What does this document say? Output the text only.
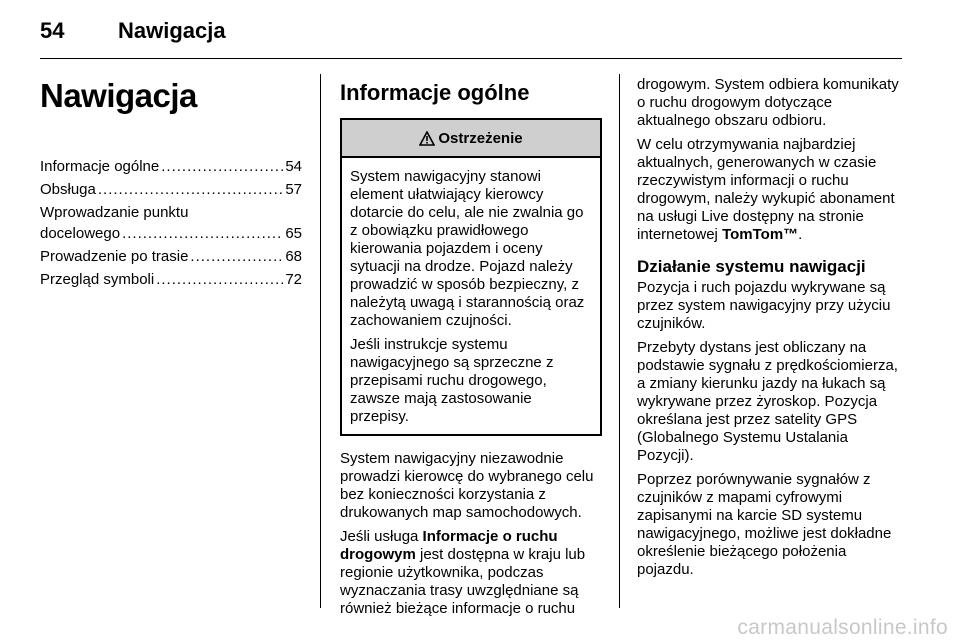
54 Nawigacja
Nawigacja
Informacje ogólne .....	54
Obsługa .....	57
Wprowadzanie punktu
docelowego .....	65
Prowadzenie po trasie .....	68
Przegląd symboli .....	72
Informacje ogólne
Ostrzeżenie

System nawigacyjny stanowi element ułatwiający kierowcy dotarcie do celu, ale nie zwalnia go z obowiązku prawidłowego kierowania pojazdem i oceny sytuacji na drodze. Pojazd należy prowadzić w sposób bezpieczny, z należytą uwagą i starannością oraz zachowaniem czujności.

Jeśli instrukcje systemu nawigacyjnego są sprzeczne z przepisami ruchu drogowego, zawsze mają zastosowanie przepisy.

System nawigacyjny niezawodnie prowadzi kierowcę do wybranego celu bez konieczności korzystania z drukowanych map samochodowych.

Jeśli usługa Informacje o ruchu drogowym jest dostępna w kraju lub regionie użytkownika, podczas wyznaczania trasy uwzględniane są również bieżące informacje o ruchu

drogowym. System odbiera komunikaty o ruchu drogowym dotyczące aktualnego obszaru odbioru.

W celu otrzymywania najbardziej aktualnych, generowanych w czasie rzeczywistym informacji o ruchu drogowym, należy wykupić abonament na usługi Live dostępny na stronie internetowej TomTom™.

Działanie systemu nawigacji

Pozycja i ruch pojazdu wykrywane są przez system nawigacyjny przy użyciu czujników.

Przebyty dystans jest obliczany na podstawie sygnału z prędkościomierza, a zmiany kierunku jazdy na łukach są wykrywane przez żyroskop. Pozycja określana jest przez satelity GPS (Globalnego Systemu Ustalania Pozycji).

Poprzez porównywanie sygnałów z czujników z mapami cyfrowymi zapisanymi na karcie SD systemu nawigacyjnego, możliwe jest dokładne określenie bieżącego położenia pojazdu.

carmanualsonline.info
